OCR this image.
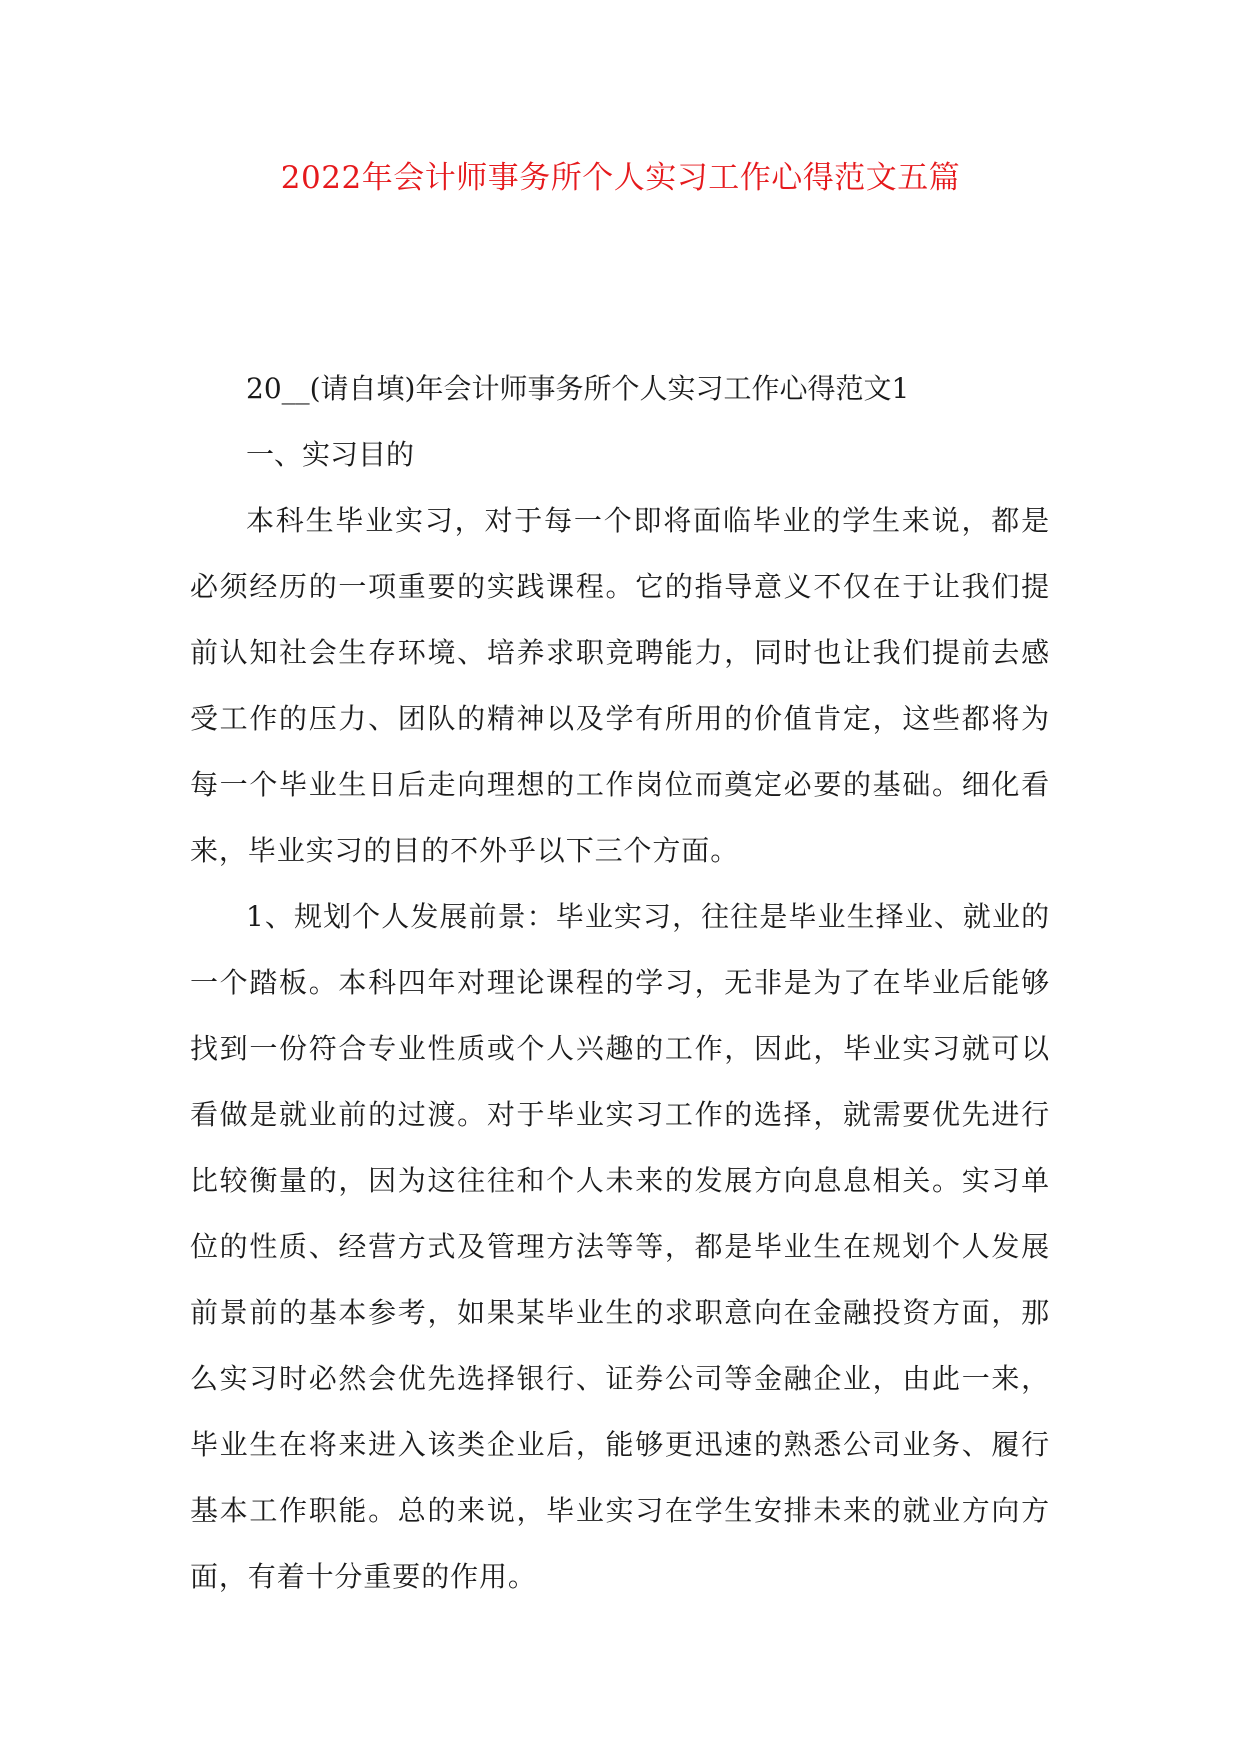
2022年会计师事务所个人实习工作心得范文五篇

20__(请自填)年会计师事务所个人实习工作心得范文1

一、实习目的

本科生毕业实习，对于每一个即将面临毕业的学生来说，都是必须经历的一项重要的实践课程。它的指导意义不仅在于让我们提前认知社会生存环境、培养求职竞聘能力，同时也让我们提前去感受工作的压力、团队的精神以及学有所用的价值肯定，这些都将为每一个毕业生日后走向理想的工作岗位而奠定必要的基础。细化看来，毕业实习的目的不外乎以下三个方面。

1、规划个人发展前景：毕业实习，往往是毕业生择业、就业的一个踏板。本科四年对理论课程的学习，无非是为了在毕业后能够找到一份符合专业性质或个人兴趣的工作，因此，毕业实习就可以看做是就业前的过渡。对于毕业实习工作的选择，就需要优先进行比较衡量的，因为这往往和个人未来的发展方向息息相关。实习单位的性质、经营方式及管理方法等等，都是毕业生在规划个人发展前景前的基本参考，如果某毕业生的求职意向在金融投资方面，那么实习时必然会优先选择银行、证券公司等金融企业，由此一来，毕业生在将来进入该类企业后，能够更迅速的熟悉公司业务、履行基本工作职能。总的来说，毕业实习在学生安排未来的就业方向方面，有着十分重要的作用。
